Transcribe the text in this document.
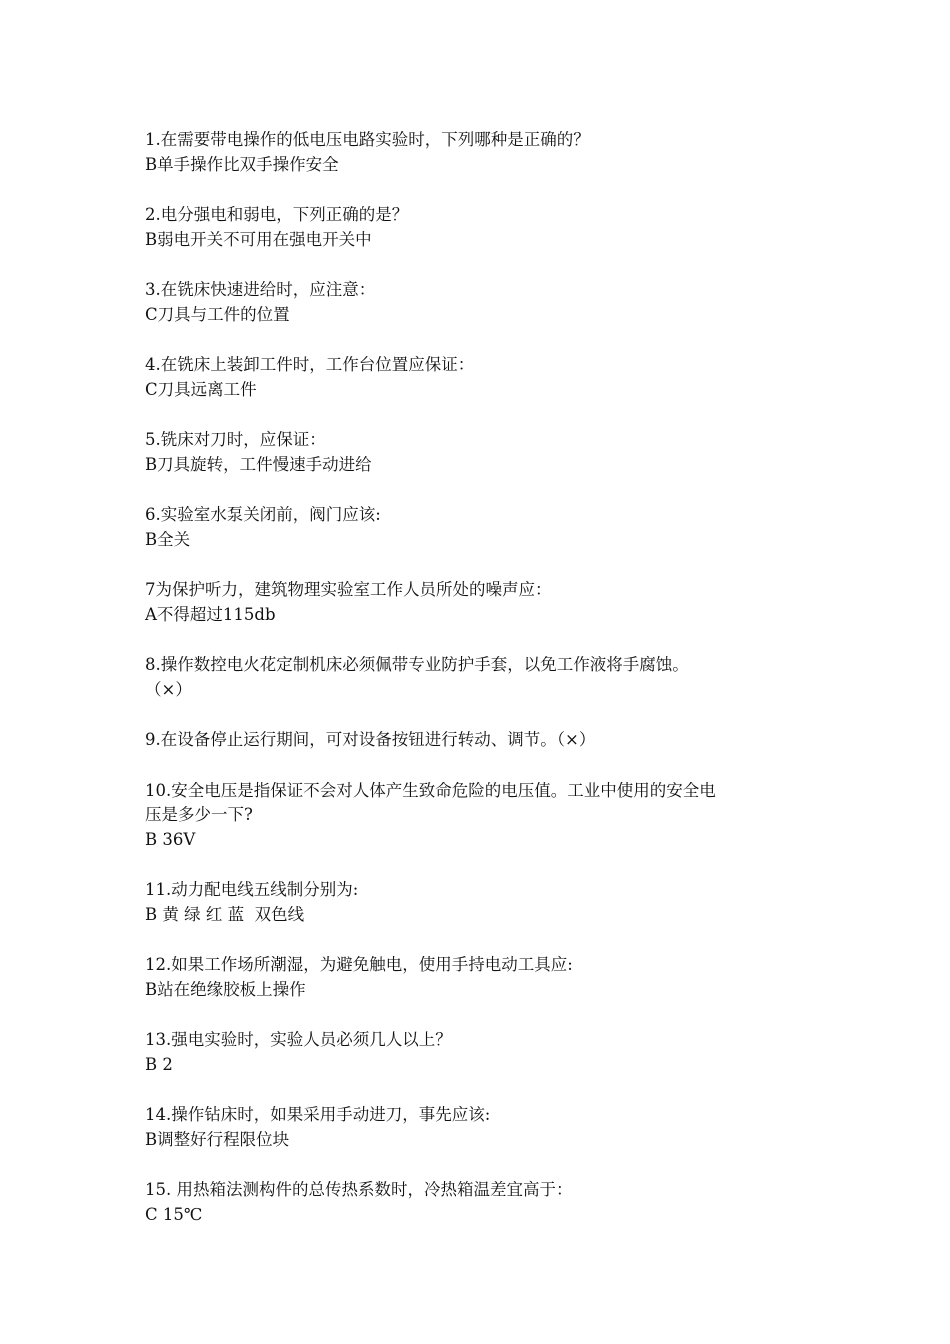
1.在需要带电操作的低电压电路实验时，下列哪种是正确的？
B单手操作比双手操作安全
2.电分强电和弱电，下列正确的是？
B弱电开关不可用在强电开关中
3.在铣床快速进给时，应注意：
C刀具与工件的位置
4.在铣床上装卸工件时，工作台位置应保证：
C刀具远离工件
5.铣床对刀时，应保证：
B刀具旋转，工件慢速手动进给
6.实验室水泵关闭前，阀门应该:
B全关
7为保护听力，建筑物理实验室工作人员所处的噪声应：
A不得超过115db
8.操作数控电火花定制机床必须佩带专业防护手套，以免工作液将手腐蚀。
（×）
9.在设备停止运行期间，可对设备按钮进行转动、调节。（×）
10.安全电压是指保证不会对人体产生致命危险的电压值。工业中使用的安全电
压是多少一下?
B 36V
11.动力配电线五线制分别为:
B 黄 绿 红 蓝  双色线
12.如果工作场所潮湿，为避免触电，使用手持电动工具应:
B站在绝缘胶板上操作
13.强电实验时，实验人员必须几人以上？
B 2
14.操作钻床时，如果采用手动进刀，事先应该:
B调整好行程限位块
15. 用热箱法测构件的总传热系数时，冷热箱温差宜高于：
C 15℃
